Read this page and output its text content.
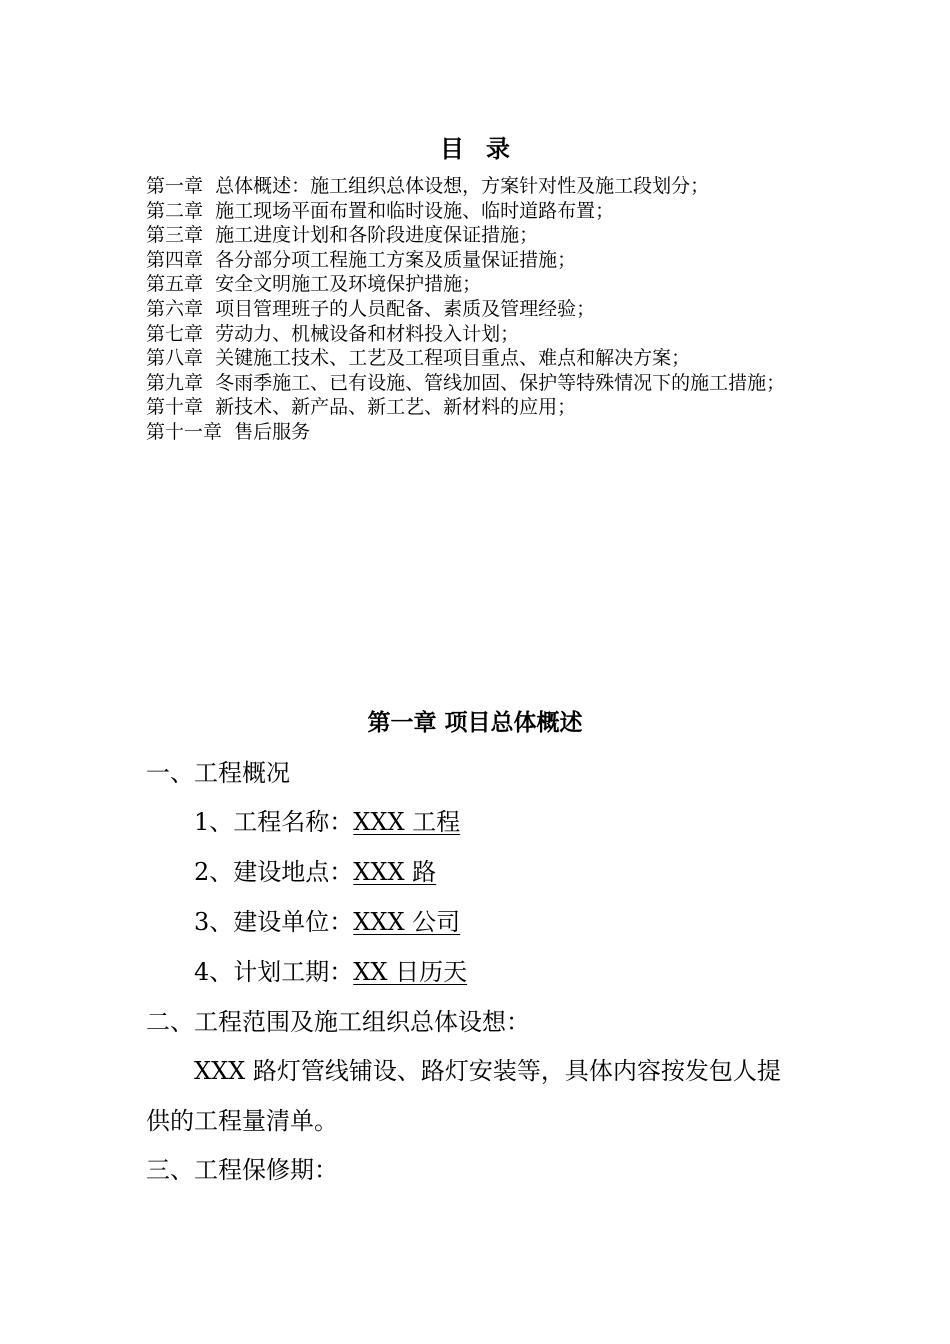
目录
第一章  总体概述：施工组织总体设想，方案针对性及施工段划分；
第二章  施工现场平面布置和临时设施、临时道路布置；
第三章  施工进度计划和各阶段进度保证措施；
第四章  各分部分项工程施工方案及质量保证措施；
第五章  安全文明施工及环境保护措施；
第六章  项目管理班子的人员配备、素质及管理经验；
第七章  劳动力、机械设备和材料投入计划；
第八章  关键施工技术、工艺及工程项目重点、难点和解决方案；
第九章  冬雨季施工、已有设施、管线加固、保护等特殊情况下的施工措施；
第十章  新技术、新产品、新工艺、新材料的应用；
第十一章  售后服务
第一章 项目总体概述
一、工程概况
1、工程名称：XXX 工程
2、建设地点：XXX 路
3、建设单位：XXX 公司
4、计划工期：XX 日历天
二、工程范围及施工组织总体设想：
XXX 路灯管线铺设、路灯安装等，具体内容按发包人提
供的工程量清单。
三、工程保修期：
